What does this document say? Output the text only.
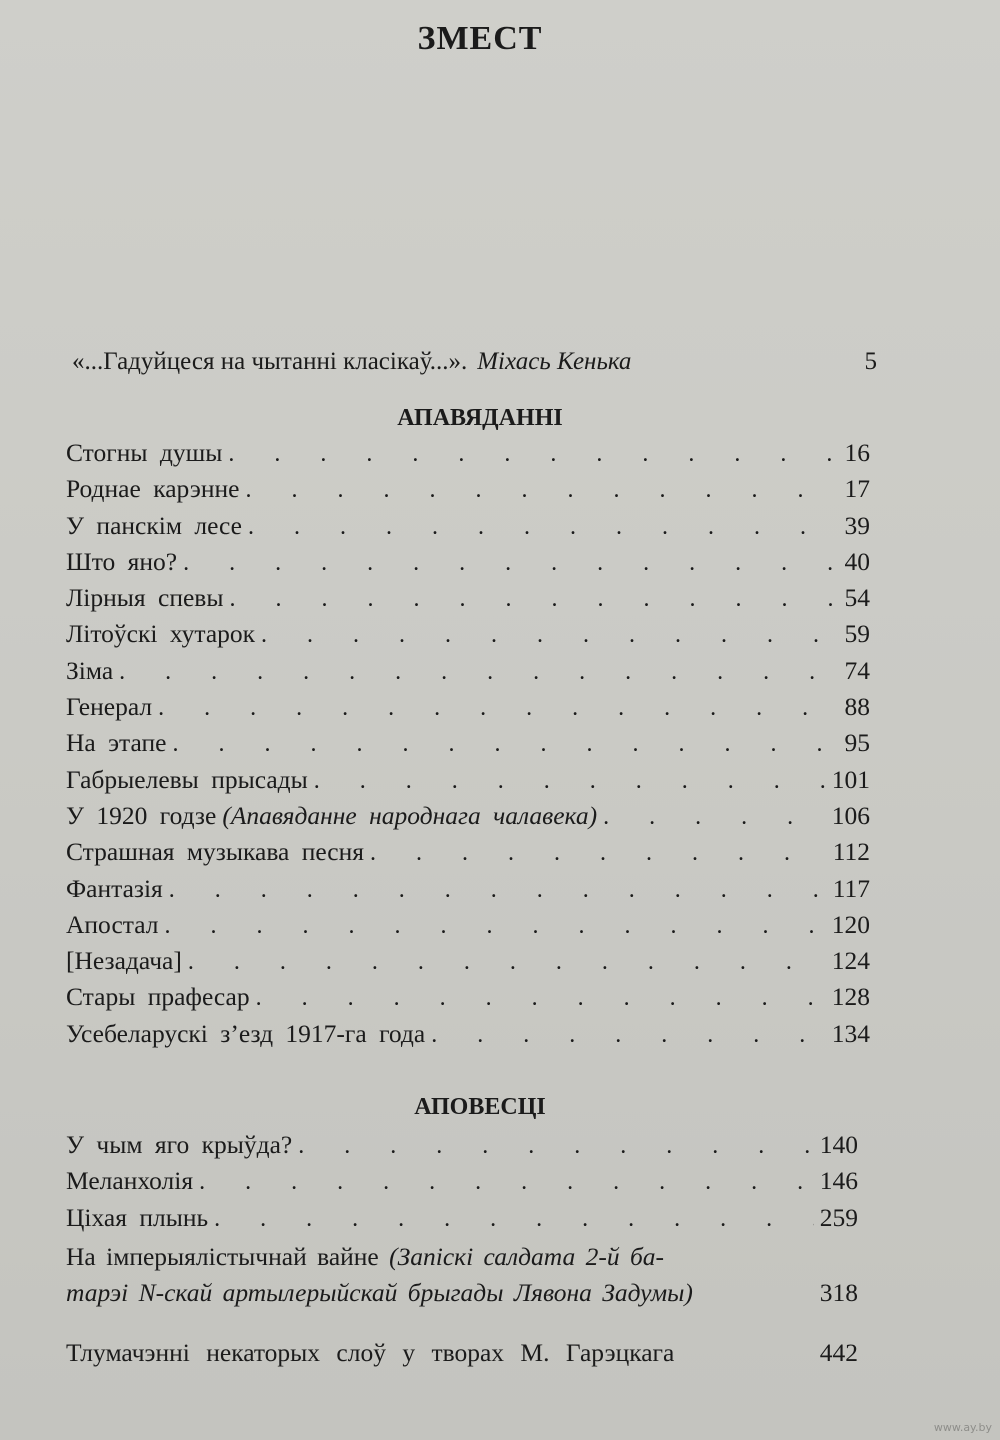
ЗМЕСТ
«...Гадуйцеся на чытанні класікаў...». Міхась Кенька	5
АПАВЯДАННІ
Стогны душы . . .	16
Роднае карэнне . . .	17
У панскім лесе . . .	39
Што яно? . . .	40
Лірныя спевы . . .	54
Літоўскі хутарок . . .	59
Зіма . . .	74
Генерал . . .	88
На этапе . . .	95
Габрыелевы прысады . . .	101
У 1920 годзе (Апавяданне народнага чалавека) . . .	106
Страшная музыкава песня . . .	112
Фантазія . . .	117
Апостал . . .	120
[Незадача] . . .	124
Стары прафесар . . .	128
Усебеларускі з’езд 1917-га года . . .	134
АПОВЕСЦІ
У чым яго крыўда? . . .	140
Меланхолія . . .	146
Ціхая плынь . . .	259
На імперыялістычнай вайне (Запіскі салдата 2-й ба-
тарэі N-скай артылерыйскай брыгады Лявона Задумы)	318
Тлумачэнні некаторых слоў у творах М. Гарэцкага	442
www.ay.by
